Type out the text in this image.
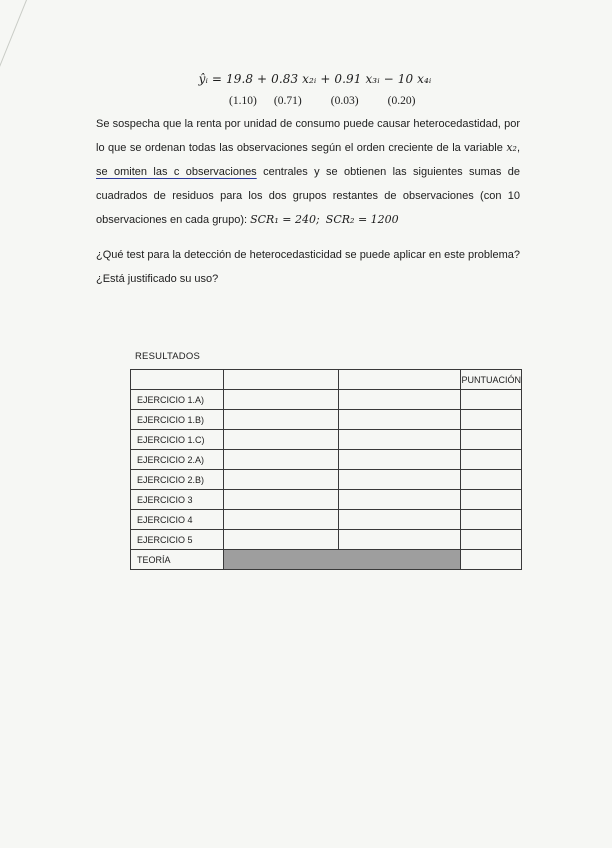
ŷᵢ = 19.8 + 0.83 x₂ᵢ + 0.91 x₃ᵢ − 10 x₄ᵢ
(1.10) (0.71)	(0.03)	(0.20)
Se sospecha que la renta por unidad de consumo puede causar heterocedastidad, por lo que se ordenan todas las observaciones según el orden creciente de la variable x₂, se omiten las c observaciones centrales y se obtienen las siguientes sumas de cuadrados de residuos para los dos grupos restantes de observaciones (con 10 observaciones en cada grupo): SCR₁ = 240; SCR₂ = 1200
¿Qué test para la detección de heterocedasticidad se puede aplicar en este problema? ¿Está justificado su uso?
RESULTADOS
			PUNTUACIÓN
EJERCICIO 1.A)			
EJERCICIO 1.B)			
EJERCICIO 1.C)			
EJERCICIO 2.A)			
EJERCICIO 2.B)			
EJERCICIO 3			
EJERCICIO 4			
EJERCICIO 5			
TEORÍA			
